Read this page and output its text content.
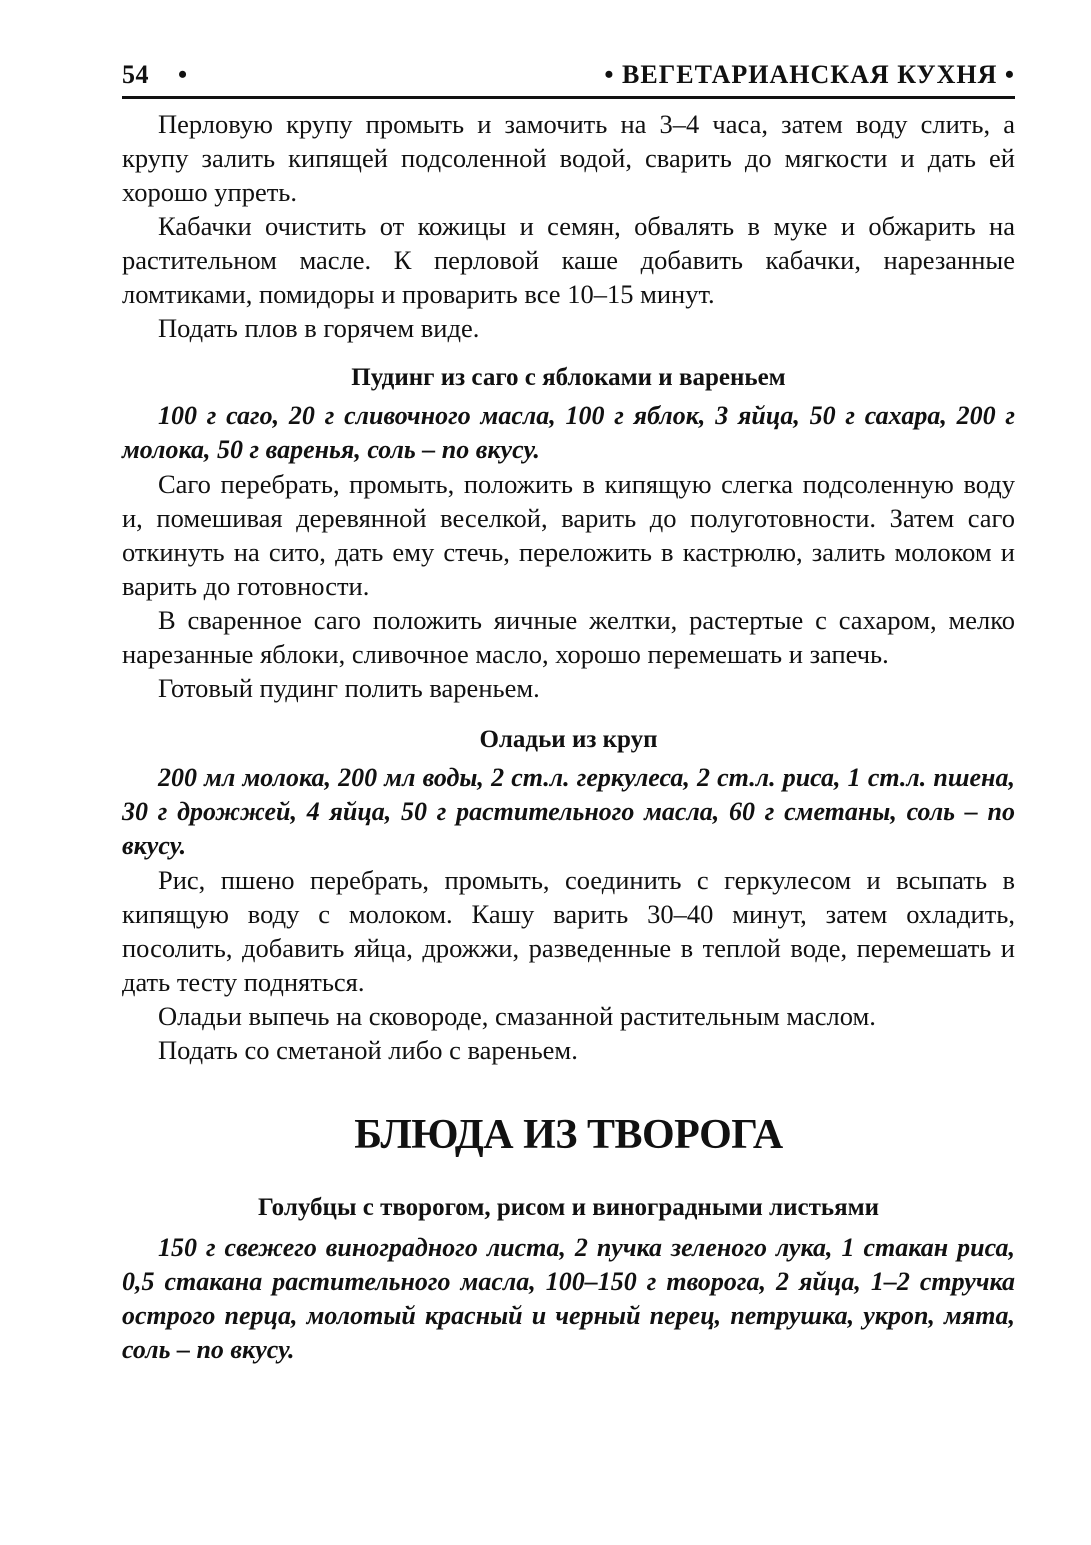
54 •	• ВЕГЕТАРИАНСКАЯ КУХНЯ •

Перловую крупу промыть и замочить на 3–4 часа, затем воду слить, а крупу залить кипящей подсоленной водой, сварить до мягкости и дать ей хорошо упреть.

Кабачки очистить от кожицы и семян, обвалять в муке и обжарить на растительном масле. К перловой каше добавить кабачки, нарезанные ломтиками, помидоры и проварить все 10–15 минут.

Подать плов в горячем виде.

Пудинг из саго с яблоками и вареньем

100 г саго, 20 г сливочного масла, 100 г яблок, 3 яйца, 50 г сахара, 200 г молока, 50 г варенья, соль – по вкусу.

Саго перебрать, промыть, положить в кипящую слегка подсоленную воду и, помешивая деревянной веселкой, варить до полуготовности. Затем саго откинуть на сито, дать ему стечь, переложить в кастрюлю, залить молоком и варить до готовности.

В сваренное саго положить яичные желтки, растертые с сахаром, мелко нарезанные яблоки, сливочное масло, хорошо перемешать и запечь.

Готовый пудинг полить вареньем.

Оладьи из круп

200 мл молока, 200 мл воды, 2 ст.л. геркулеса, 2 ст.л. риса, 1 ст.л. пшена, 30 г дрожжей, 4 яйца, 50 г растительного масла, 60 г сметаны, соль – по вкусу.

Рис, пшено перебрать, промыть, соединить с геркулесом и всыпать в кипящую воду с молоком. Кашу варить 30–40 минут, затем охладить, посолить, добавить яйца, дрожжи, разведенные в теплой воде, перемешать и дать тесту подняться.

Оладьи выпечь на сковороде, смазанной растительным маслом.

Подать со сметаной либо с вареньем.

БЛЮДА ИЗ ТВОРОГА

Голубцы с творогом, рисом и виноградными листьями

150 г свежего виноградного листа, 2 пучка зеленого лука, 1 стакан риса, 0,5 стакана растительного масла, 100–150 г творога, 2 яйца, 1–2 стручка острого перца, молотый красный и черный перец, петрушка, укроп, мята, соль – по вкусу.
